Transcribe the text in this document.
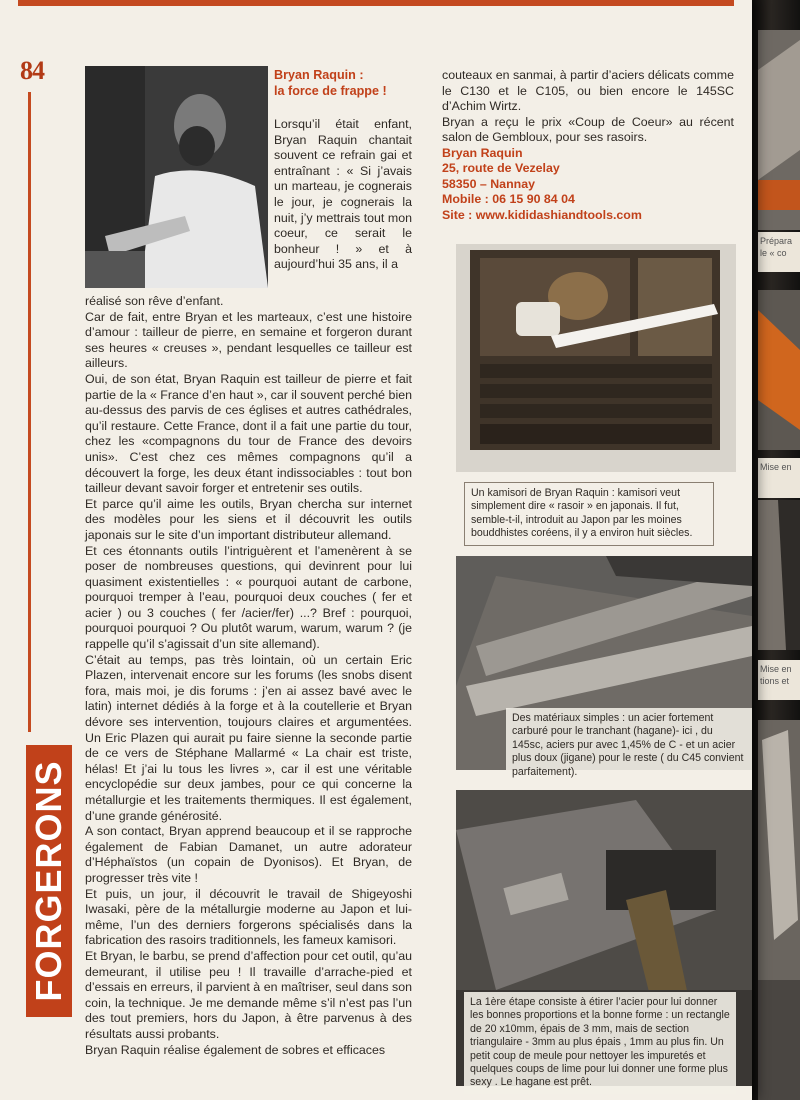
Prépara
le « co
Mise en
Mise en
tions et
84
FORGERONS
Bryan Raquin :
la force de frappe !

Lorsqu’il était enfant, Bryan Raquin chantait souvent ce refrain gai et entraînant : « Si j’avais un marteau, je cognerais le jour, je cognerais la nuit, j’y mettrais tout mon coeur, ce serait le bonheur ! » et à aujourd’hui 35 ans, il a

réalisé son rêve d’enfant.

Car de fait, entre Bryan et les marteaux, c’est une histoire d’amour : tailleur de pierre, en semaine et forgeron durant ses heures « creuses », pendant lesquelles ce tailleur est ailleurs.

Oui, de son état, Bryan Raquin est tailleur de pierre et fait partie de la « France d’en haut », car il souvent perché bien au-dessus des parvis de ces églises et autres cathédrales, qu’il restaure. Cette France, dont il a fait une partie du tour, chez les «compagnons du tour de France des devoirs unis». C’est chez ces mêmes compagnons qu’il a découvert la forge, les deux étant indissociables : tout bon tailleur devant savoir forger et entretenir ses outils.

Et parce qu’il aime les outils, Bryan chercha sur internet des modèles pour les siens et il découvrit les outils japonais sur le site d’un important distributeur allemand.

Et ces étonnants outils l’intriguèrent et l’amenèrent à se poser de nombreuses questions, qui devinrent pour lui quasiment existentielles : « pourquoi autant de carbone, pourquoi tremper à l’eau, pourquoi deux couches ( fer et acier ) ou 3 couches ( fer /acier/fer) ...? Bref : pourquoi, pourquoi pourquoi ? Ou plutôt warum, warum, warum ? (je rappelle qu’il s’agissait d’un site allemand).

C’était au temps, pas très lointain, où un certain Eric Plazen, intervenait encore sur les forums (les snobs disent fora, mais moi, je dis forums : j’en ai assez bavé avec le latin) internet dédiés à la forge et à la coutellerie et Bryan dévore ses intervention, toujours claires et argumentées. Un Eric Plazen qui aurait pu faire sienne la seconde partie de ce vers de Stéphane Mallarmé « La chair est triste, hélas! Et j’ai lu tous les livres », car il est une véritable encyclopédie sur deux jambes, pour ce qui concerne la métallurgie et les traitements thermiques. Il est également, d’une grande générosité.

A son contact, Bryan apprend beaucoup et il se rapproche également de Fabian Damanet, un autre adorateur d’Héphaïstos (un copain de Dyonisos). Et Bryan, de progresser très vite !

Et puis, un jour, il découvrit le travail de Shigeyoshi Iwasaki, père de la métallurgie moderne au Japon et lui-même, l’un des derniers forgerons spécialisés dans la fabrication des rasoirs traditionnels, les fameux kamisori.

Et Bryan, le barbu, se prend d’affection pour cet outil, qu’au demeurant, il utilise peu ! Il travaille d’arrache-pied et d’essais en erreurs, il parvient à en maîtriser, seul dans son coin, la technique. Je me demande même s’il n’est pas l’un des tout premiers, hors du Japon, à être parvenus à des résultats aussi probants.

Bryan Raquin réalise également de sobres et efficaces

couteaux en sanmai, à partir d’aciers délicats comme le C130 et le C105, ou bien encore le 145SC d’Achim Wirtz.

Bryan a reçu le prix «Coup de Coeur» au récent salon de Gembloux, pour ses rasoirs.

Bryan Raquin
25, route de Vezelay
58350 – Nannay
Mobile : 06 15 90 84 04
Site : www.kididashiandtools.com
Un kamisori de Bryan Raquin : kamisori veut simplement dire « rasoir » en japonais. Il fut, semble-t-il, introduit au Japon par les moines bouddhistes coréens, il y a environ huit siècles.
Des matériaux simples : un acier fortement carburé pour le tranchant (hagane)- ici , du 145sc, aciers pur avec 1,45% de C - et un acier plus doux (jigane) pour le reste ( du C45 convient parfaitement).
La 1ère étape consiste à étirer l’acier pour lui donner les bonnes proportions et la bonne forme : un rectangle de 20 x10mm, épais de 3 mm, mais de section triangulaire - 3mm au plus épais , 1mm au plus fin. Un petit coup de meule pour nettoyer les impuretés et quelques coups de lime pour lui donner une forme plus sexy . Le hagane est prêt.
